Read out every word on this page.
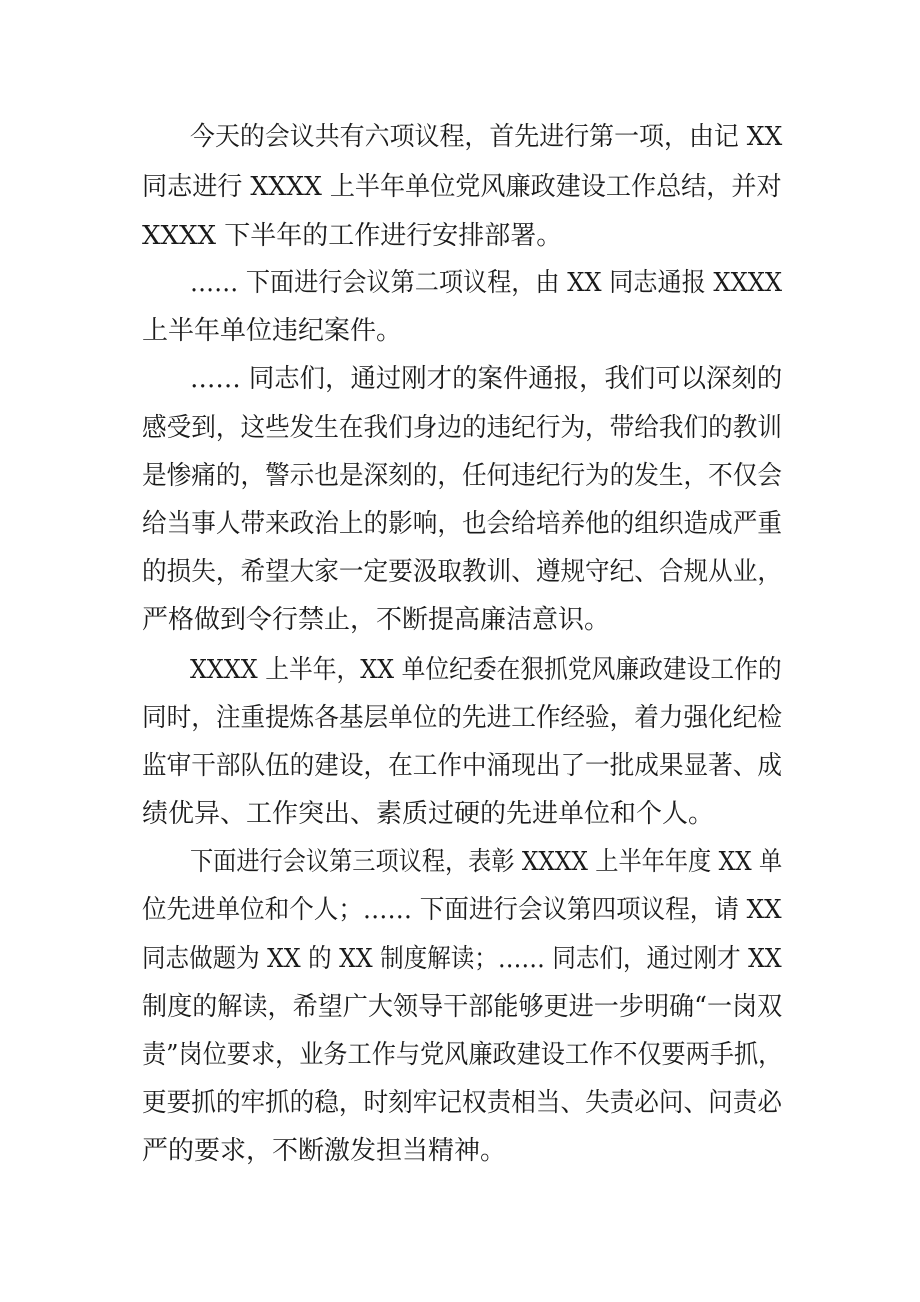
今天的会议共有六项议程，首先进行第一项，由记 XX
同志进行 XXXX 上半年单位党风廉政建设工作总结，并对
XXXX 下半年的工作进行安排部署。
…… 下面进行会议第二项议程，由 XX 同志通报 XXXX
上半年单位违纪案件。
…… 同志们，通过刚才的案件通报，我们可以深刻的
感受到，这些发生在我们身边的违纪行为，带给我们的教训
是惨痛的，警示也是深刻的，任何违纪行为的发生，不仅会
给当事人带来政治上的影响，也会给培养他的组织造成严重
的损失，希望大家一定要汲取教训、遵规守纪、合规从业，
严格做到令行禁止，不断提高廉洁意识。
XXXX 上半年，XX 单位纪委在狠抓党风廉政建设工作的
同时，注重提炼各基层单位的先进工作经验，着力强化纪检
监审干部队伍的建设，在工作中涌现出了一批成果显著、成
绩优异、工作突出、素质过硬的先进单位和个人。
下面进行会议第三项议程，表彰 XXXX 上半年年度 XX 单
位先进单位和个人；…… 下面进行会议第四项议程，请 XX
同志做题为 XX 的 XX 制度解读；…… 同志们，通过刚才 XX
制度的解读，希望广大领导干部能够更进一步明确“一岗双
责”岗位要求，业务工作与党风廉政建设工作不仅要两手抓，
更要抓的牢抓的稳，时刻牢记权责相当、失责必问、问责必
严的要求，不断激发担当精神。
